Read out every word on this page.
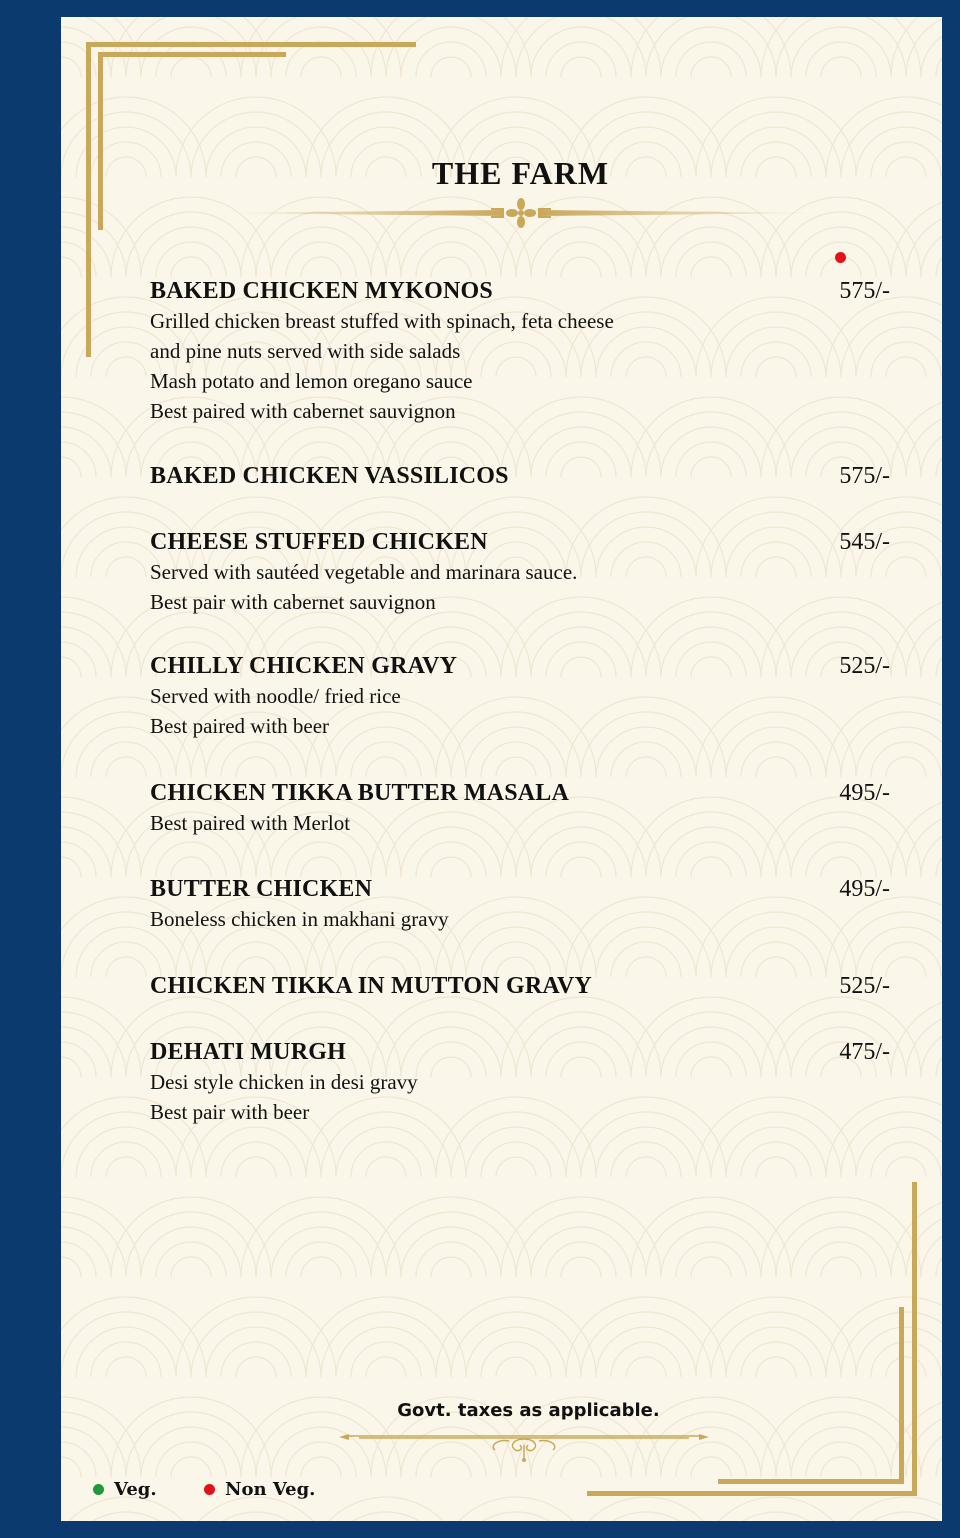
THE FARM
BAKED CHICKEN MYKONOS	575/-
Grilled chicken breast stuffed with spinach, feta cheese
and pine nuts served with side salads
Mash potato and lemon oregano sauce
Best paired with cabernet sauvignon
BAKED CHICKEN VASSILICOS	575/-
CHEESE STUFFED CHICKEN	545/-
Served with sautéed vegetable and marinara sauce.
Best pair with cabernet sauvignon
CHILLY CHICKEN GRAVY	525/-
Served with noodle/ fried rice
Best paired with beer
CHICKEN TIKKA BUTTER MASALA	495/-
Best paired with Merlot
BUTTER CHICKEN	495/-
Boneless chicken in makhani gravy
CHICKEN TIKKA IN MUTTON GRAVY	525/-
DEHATI MURGH	475/-
Desi style chicken in desi gravy
Best pair with beer
Govt. taxes as applicable.
Veg.	Non Veg.
